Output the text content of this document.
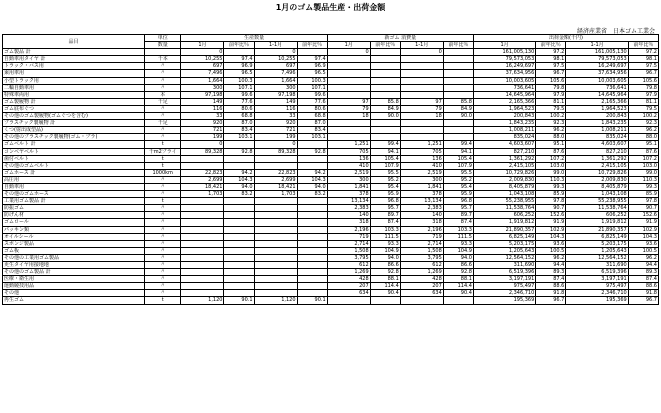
1月のゴム製品生産・出荷金額
経済産業省　日本ゴム工業会
品目	単位	生産数量				新ゴム 消費量				出荷金額(千円)			
	数量	1月	前年比％	1-1月	前年比％	1月	前年比％	1-1月	前年比％	1月	前年比％	1-1月	前年比％
ゴム製品 計		0		0		0		0		161,005,130	97.2	161,005,130	97.2
自動車用タイヤ 計	千本	10,255	97.4	10,255	97.4					79,573,053	98.1	79,573,053	98.1
トラック・バス用	〃	697	96.9	697	96.9					16,249,697	97.5	16,249,697	97.5
乗用車用	〃	7,496	96.5	7,496	96.5					37,634,956	96.7	37,634,956	96.7
小型トラック用	〃	1,664	100.3	1,664	100.3					10,003,605	105.6	10,003,605	105.6
二輪自動車用	〃	300	107.1	300	107.1					736,641	79.8	736,641	79.8
特殊車両用	本	97,198	99.6	97,198	99.6					14,645,964	97.9	14,645,964	97.9
ゴム製履物 計	千足	149	77.6	149	77.6	97	85.8	97	85.8	2,165,366	81.1	2,165,366	81.1
ゴム底布ぐつ	〃	116	80.6	116	80.6	79	84.9	79	84.9	1,964,523	79.5	1,964,523	79.5
その他のゴム製履物(ゴムぐつを含む)	〃	33	68.8	33	68.8	18	90.0	18	90.0	200,843	100.2	200,843	100.2
プラスチック製履物 計	千足	920	87.0	920	87.0					1,843,235	92.3	1,843,235	92.3
くつ(射出成型品)	〃	721	83.4	721	83.4					1,008,211	96.2	1,008,211	96.2
その他のプラスチック製履物(ゴム・プラ)	〃	199	103.1	199	103.1					835,024	88.0	835,024	88.0
ゴムベルト 計	t	0		0		1,251	99.4	1,251	99.4	4,603,607	95.1	4,603,607	95.1
コンベヤベルト	千m2プライ	89,328	92.8	89,328	92.8	705	94.1	705	94.1	827,210	87.6	827,210	87.6
歯付ベルト	t					136	105.4	136	105.4	1,361,292	107.2	1,361,292	107.2
その他のゴムベルト	t					410	107.9	410	107.9	2,415,105	103.0	2,415,105	103.0
ゴムホース 計	1000km	22,823	94.2	22,823	94.2	2,519	95.5	2,519	95.5	10,729,826	99.0	10,729,826	99.0
高圧用	〃	2,699	104.3	2,699	104.3	300	95.2	300	95.2	2,009,830	110.3	2,009,830	110.3
自動車用	〃	18,421	94.0	18,421	94.0	1,841	95.4	1,841	95.4	8,405,879	99.3	8,405,879	99.3
その他のゴムホース	〃	1,703	83.2	1,703	83.2	378	95.9	378	95.9	1,043,108	85.9	1,043,108	85.9
工業用ゴム製品 計	t					13,134	96.8	13,134	96.8	55,238,955	97.8	55,238,955	97.8
防振ゴム	〃					2,383	95.7	2,383	95.7	11,538,764	90.7	11,538,764	90.7
防げん材	〃					140	89.7	140	89.7	606,252	152.6	606,252	152.6
ゴムロール	〃					318	87.4	318	87.4	1,919,812	91.9	1,919,812	91.9
パッキン類	〃					2,196	103.3	2,196	103.3	21,890,357	102.9	21,890,357	102.9
オイルシール	〃					719	111.5	719	111.5	6,825,149	104.3	6,825,149	104.3
スポンジ製品	〃					2,714	93.3	2,714	93.3	5,203,175	93.6	5,203,175	93.6
ゴム板	〃					1,508	104.9	1,508	104.9	1,205,643	100.5	1,205,643	100.5
その他の工業用ゴム製品	〃					3,795	94.0	3,795	94.0	12,564,152	96.2	12,564,152	96.2
更生タイヤ用接地地	〃					612	86.6	612	86.6	311,690	94.4	311,690	94.4
その他のゴム製品 計	〃					1,269	92.8	1,269	92.8	6,519,396	89.3	6,519,396	89.3
医療・衛生用	〃					428	88.1	428	88.1	3,197,191	87.4	3,197,191	87.4
運動競技用品	〃					207	114.4	207	114.4	975,497	88.6	975,497	88.6
その他	〃					634	90.4	634	90.4	2,346,710	91.8	2,346,710	91.8
再生ゴム	t	1,120	90.1	1,120	90.1					195,369	96.7	195,369	96.7
